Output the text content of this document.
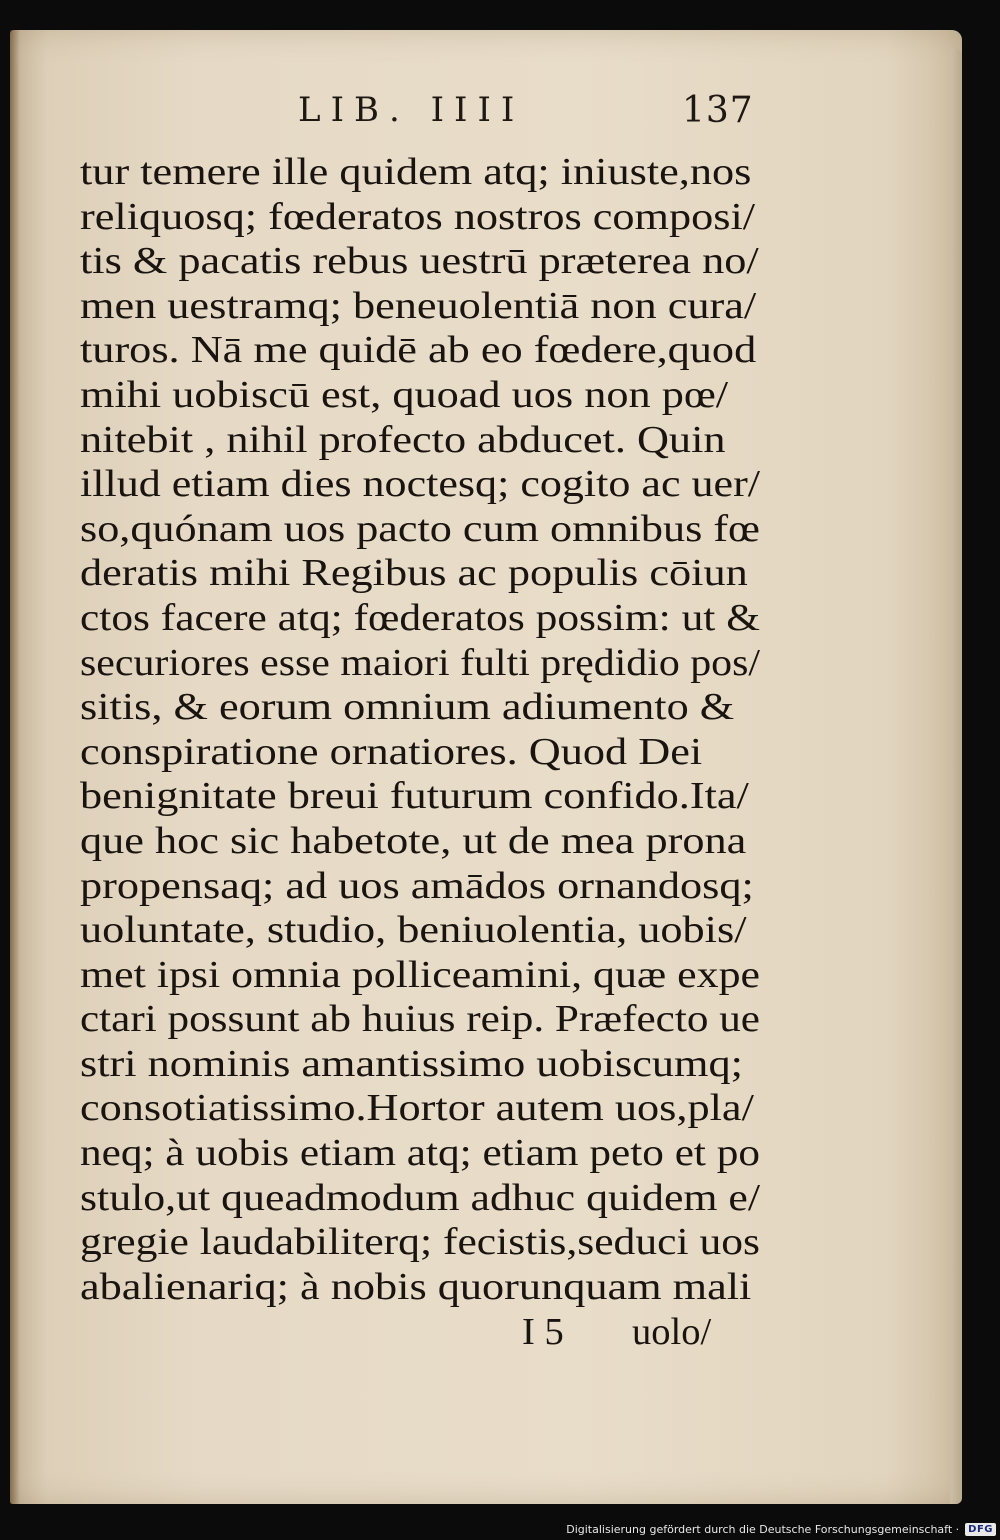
LIB. IIII	137
tur temere ille quidem atq; iniuste,nos
reliquosq; fœderatos nostros composi/
tis & pacatis rebus uestrū prӕterea no/
men uestramq; beneuolentiā non cura/
turos. Nā me quidē ab eo fœdere,quod
mihi uobiscū est, quoad uos non pœ/
nitebit , nihil profecto abducet. Quin
illud etiam dies noctesq; cogito ac uer/
so,quónam uos pacto cum omnibus fœ
deratis mihi Regibus ac populis cōiun
ctos facere atq; fœderatos possim: ut &
securiores esse maiori fulti prędidio pos/
sitis, & eorum omnium adiumento &
conspiratione ornatiores. Quod Dei
benignitate breui futurum confido.Ita/
que hoc sic habetote, ut de mea prona
propensaq; ad uos amādos ornandosq;
uoluntate, studio, beniuolentia, uobis/
met ipsi omnia polliceamini, quӕ expe
ctari possunt ab huius reip. Prӕfecto ue
stri nominis amantissimo uobiscumq;
consotiatissimo.Hortor autem uos,pla/
neq; à uobis etiam atq; etiam peto et po
stulo,ut queadmodum adhuc quidem e/
gregie laudabiliterq; fecistis,seduci uos
abalienariq; à nobis quorunquam mali
I 5 uolo/
Digitalisierung gefördert durch die Deutsche Forschungsgemeinschaft · DFG
